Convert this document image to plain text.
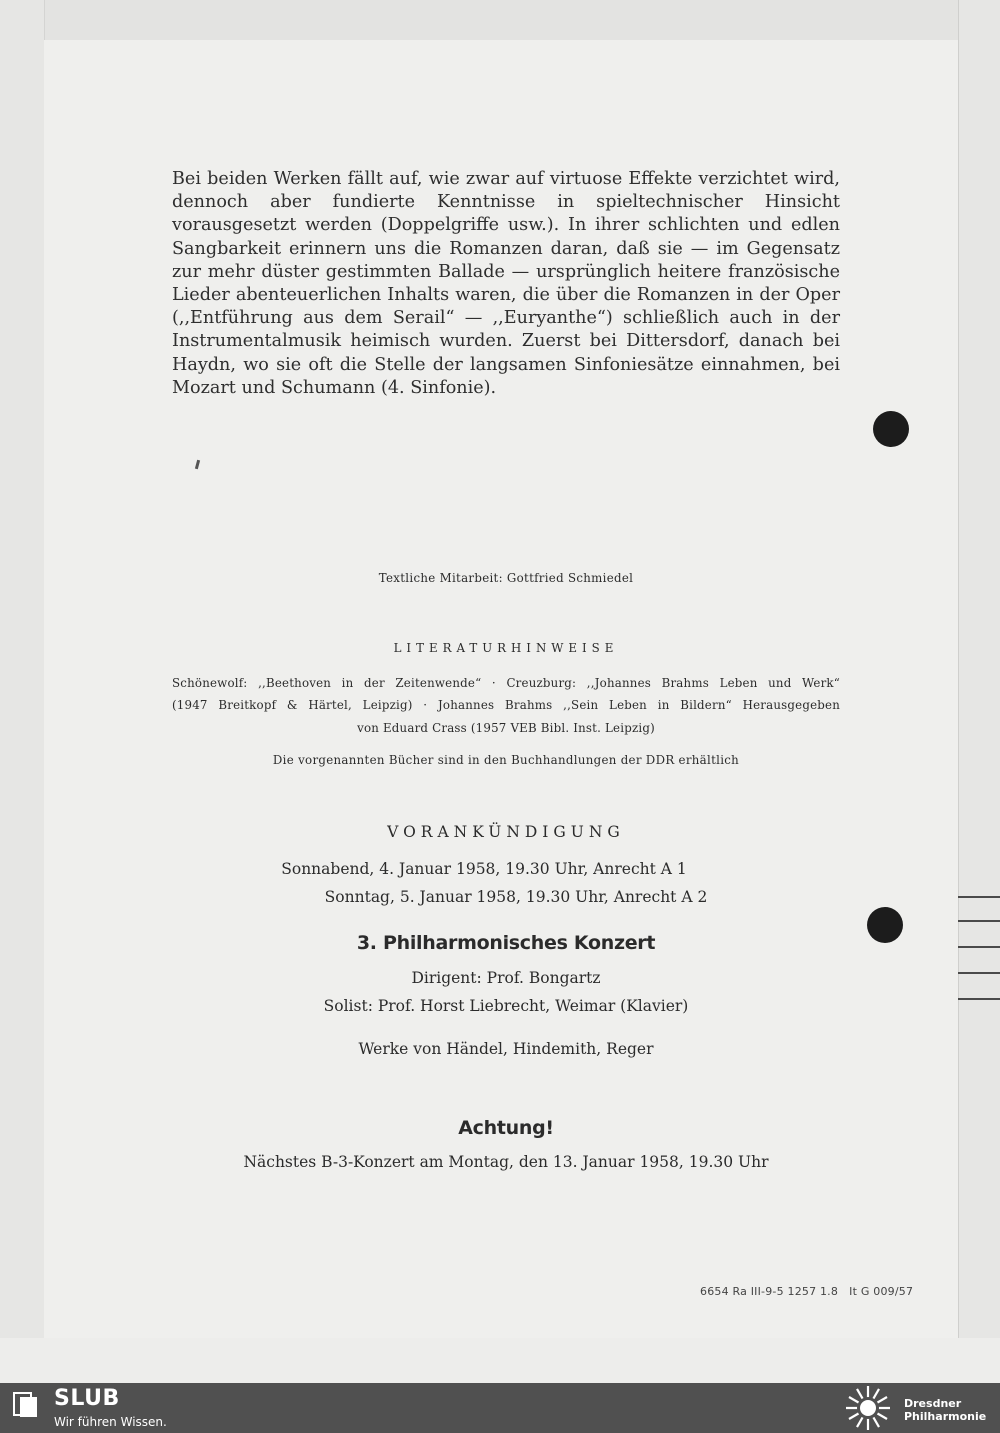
Bei beiden Werken fällt auf, wie zwar auf virtuose Effekte verzichtet wird, dennoch aber fundierte Kenntnisse in spieltechnischer Hinsicht vorausgesetzt werden (Doppelgriffe usw.). In ihrer schlichten und edlen Sangbarkeit erinnern uns die Romanzen daran, daß sie — im Gegensatz zur mehr düster gestimmten Ballade — ursprünglich heitere französische Lieder abenteuerlichen Inhalts waren, die über die Romanzen in der Oper (,,Entführung aus dem Serail“ — ,,Euryanthe“) schließlich auch in der Instrumentalmusik heimisch wurden. Zuerst bei Dittersdorf, danach bei Haydn, wo sie oft die Stelle der langsamen Sinfoniesätze einnahmen, bei Mozart und Schumann (4. Sinfonie).

Textliche Mitarbeit: Gottfried Schmiedel
LITERATURHINWEISE
Schönewolf: ,,Beethoven in der Zeitenwende“ · Creuzburg: ,,Johannes Brahms Leben und Werk“
(1947 Breitkopf & Härtel, Leipzig) · Johannes Brahms ,,Sein Leben in Bildern“ Herausgegeben
von Eduard Crass (1957 VEB Bibl. Inst. Leipzig)
Die vorgenannten Bücher sind in den Buchhandlungen der DDR erhältlich
VORANKÜNDIGUNG
Sonnabend, 4. Januar 1958, 19.30 Uhr, Anrecht A 1
Sonntag, 5. Januar 1958, 19.30 Uhr, Anrecht A 2
3. Philharmonisches Konzert
Dirigent: Prof. Bongartz
Solist: Prof. Horst Liebrecht, Weimar (Klavier)
Werke von Händel, Hindemith, Reger
Achtung!
Nächstes B-3-Konzert am Montag, den 13. Januar 1958, 19.30 Uhr
6654 Ra III-9-5 1257 1.8   It G 009/57
SLUB
Wir führen Wissen.
Dresdner
Philharmonie
